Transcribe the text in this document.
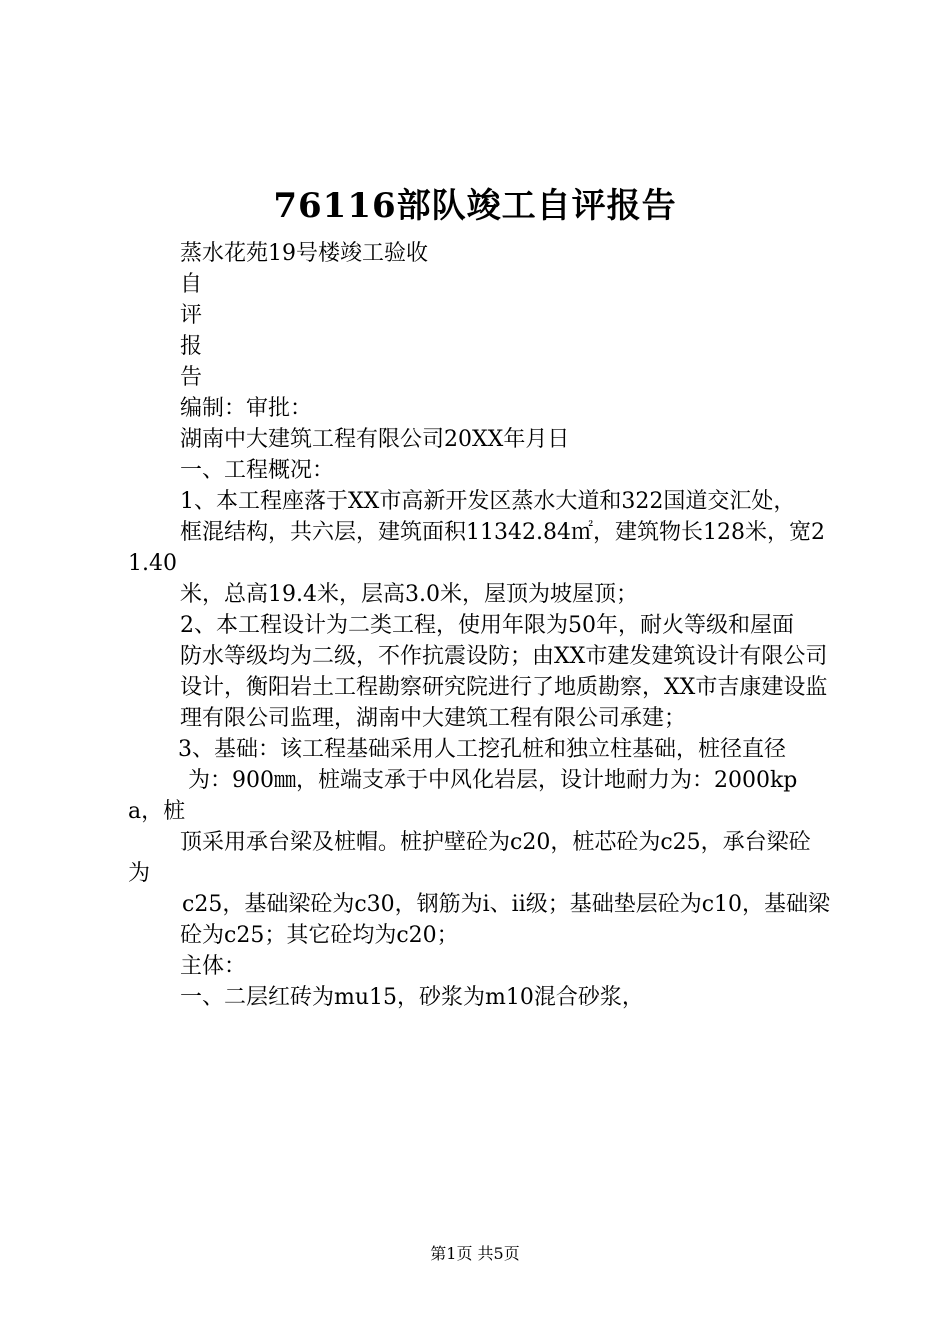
76116部队竣工自评报告

蒸水花苑19号楼竣工验收

自

评

报

告

编制：审批：

湖南中大建筑工程有限公司20XX年月日

一、工程概况：

1、本工程座落于XX市高新开发区蒸水大道和322国道交汇处，

框混结构，共六层，建筑面积11342.84㎡，建筑物长128米，宽21.40

米，总高19.4米，层高3.0米，屋顶为坡屋顶；

2、本工程设计为二类工程，使用年限为50年，耐火等级和屋面

防水等级均为二级，不作抗震设防；由XX市建发建筑设计有限公司

设计，衡阳岩土工程勘察研究院进行了地质勘察，XX市吉康建设监

理有限公司监理，湖南中大建筑工程有限公司承建；

3、基础：该工程基础采用人工挖孔桩和独立柱基础，桩径直径

为：900㎜，桩端支承于中风化岩层，设计地耐力为：2000kpa，桩

顶采用承台梁及桩帽。桩护壁砼为c20，桩芯砼为c25，承台梁砼为

c25，基础梁砼为c30，钢筋为i、ii级；基础垫层砼为c10，基础梁

砼为c25；其它砼均为c20；

主体：

一、二层红砖为mu15，砂浆为m10混合砂浆，

第1页 共5页
